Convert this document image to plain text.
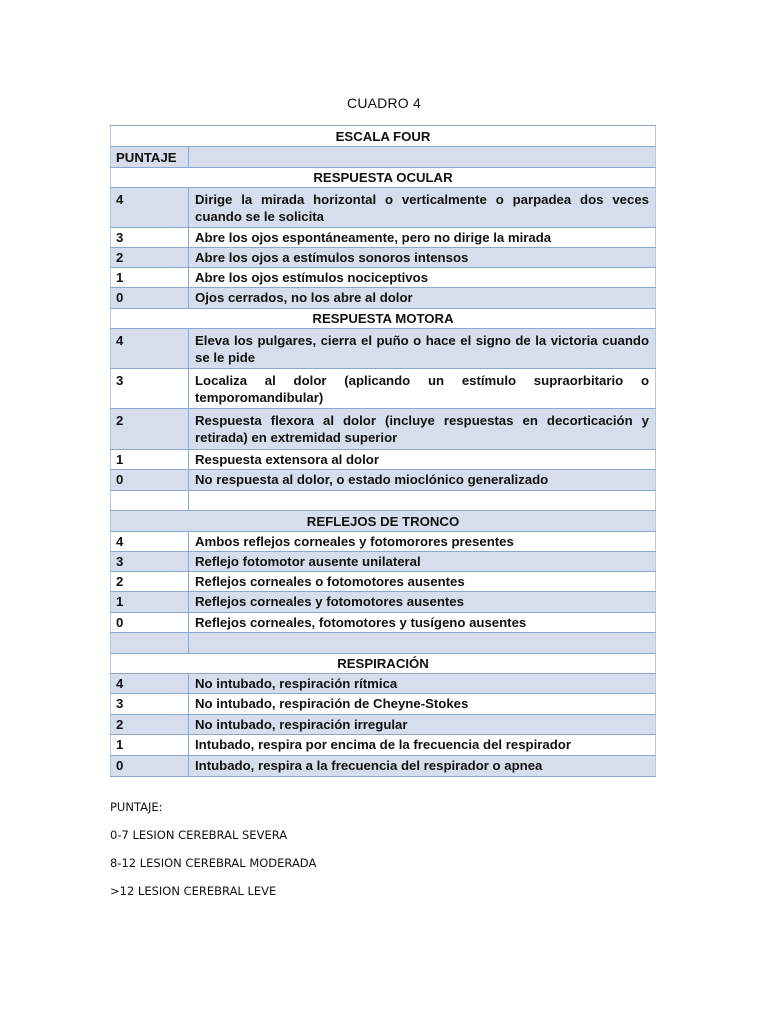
CUADRO 4
ESCALA FOUR	
PUNTAJE	
RESPUESTA OCULAR	
4	Dirige la mirada horizontal o verticalmente o parpadea dos veces cuando se le solicita
3	Abre los ojos espontáneamente, pero no dirige la mirada
2	Abre los ojos a estímulos sonoros intensos
1	Abre los ojos estímulos nociceptivos
0	Ojos cerrados, no los abre al dolor
RESPUESTA MOTORA	
4	Eleva los pulgares, cierra el puño o hace el signo de la victoria cuando se le pide
3	Localiza al dolor (aplicando un estímulo supraorbitario o temporomandibular)
2	Respuesta flexora al dolor (incluye respuestas en decorticación y retirada) en extremidad superior
1	Respuesta extensora al dolor
0	No respuesta al dolor, o estado mioclónico generalizado

REFLEJOS DE TRONCO	
4	Ambos reflejos corneales y fotomorores presentes
3	Reflejo fotomotor ausente unilateral
2	Reflejos corneales o fotomotores ausentes
1	Reflejos corneales y fotomotores ausentes
0	Reflejos corneales, fotomotores y tusígeno ausentes

RESPIRACIÓN	
4	No intubado, respiración rítmica
3	No intubado, respiración de Cheyne-Stokes
2	No intubado, respiración irregular
1	Intubado, respira por encima de la frecuencia del respirador
0	Intubado, respira a la frecuencia del respirador o apnea
PUNTAJE:
0-7 LESION CEREBRAL SEVERA
8-12 LESION CEREBRAL MODERADA
>12 LESION CEREBRAL LEVE
